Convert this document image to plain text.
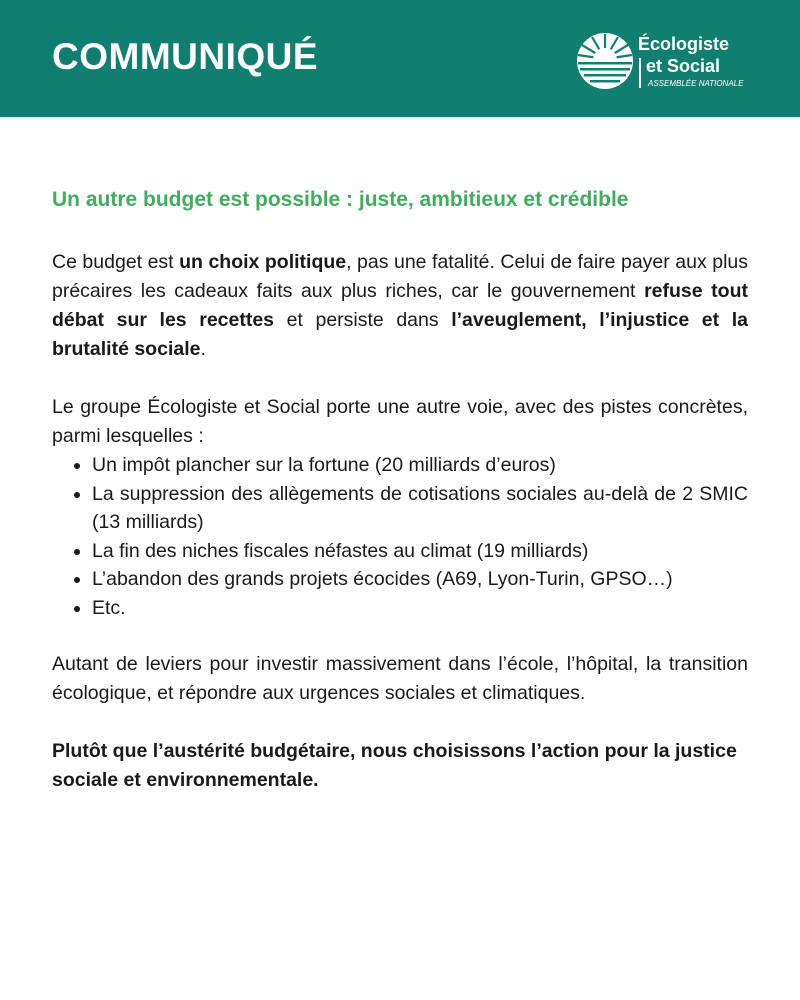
COMMUNIQUÉ	Écologiste
et Social
ASSEMBLÉE NATIONALE
Un autre budget est possible : juste, ambitieux et crédible

Ce budget est un choix politique, pas une fatalité. Celui de faire payer aux plus précaires les cadeaux faits aux plus riches, car le gouvernement refuse tout débat sur les recettes et persiste dans l’aveuglement, l’injustice et la brutalité sociale.

Le groupe Écologiste et Social porte une autre voie, avec des pistes concrètes, parmi lesquelles :

• Un impôt plancher sur la fortune (20 milliards d’euros)
• La suppression des allègements de cotisations sociales au-delà de 2 SMIC (13 milliards)
• La fin des niches fiscales néfastes au climat (19 milliards)
• L’abandon des grands projets écocides (A69, Lyon-Turin, GPSO…)
• Etc.

Autant de leviers pour investir massivement dans l’école, l’hôpital, la transition écologique, et répondre aux urgences sociales et climatiques.

Plutôt que l’austérité budgétaire, nous choisissons l’action pour la justice sociale et environnementale.
